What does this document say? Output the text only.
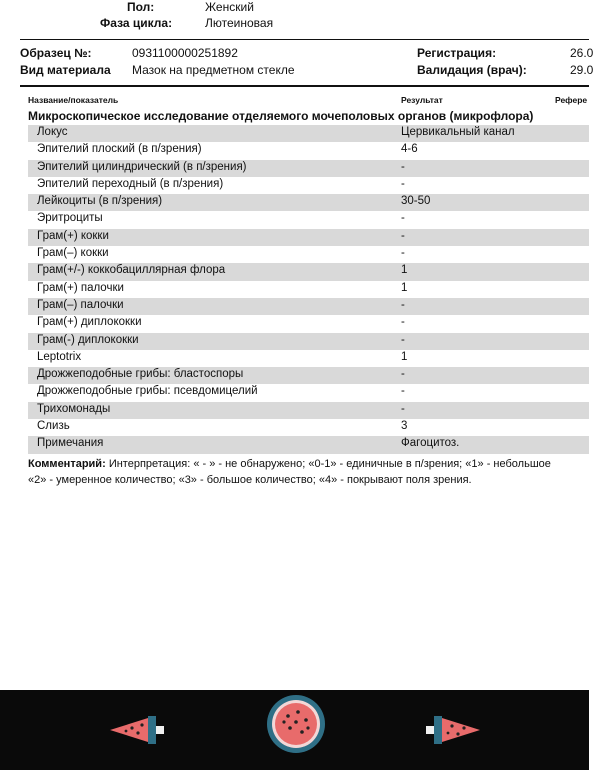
Пол:	Женский
Фаза цикла:	Лютеиновая
Образец №:	0931100000251892
Вид материала Мазок на предметном стекле
Регистрация:	26.0
Валидация (врач):	29.0
Название/показатель	Результат	Рефере
Микроскопическое исследование отделяемого мочеполовых органов (микрофлора)
Локус	Цервикальный канал
Эпителий плоский (в п/зрения)	4-6
Эпителий цилиндрический (в п/зрения)	-
Эпителий переходный (в п/зрения)	-
Лейкоциты (в п/зрения)	30-50
Эритроциты	-
Грам(+) кокки	-
Грам(–) кокки	-
Грам(+/-) коккобациллярная флора	1
Грам(+) палочки	1
Грам(–) палочки	-
Грам(+) диплококки	-
Грам(-) диплококки	-
Leptotrix	1
Дрожжеподобные грибы: бластоспоры	-
Дрожжеподобные грибы: псевдомицелий	-
Трихомонады	-
Слизь	3
Примечания	Фагоцитоз.
Комментарий: Интерпретация: « - » - не обнаружено; «0-1» - единичные в п/зрения; «1» - небольшое
«2» - умеренное количество; «3» - большое количество; «4» - покрывают поля зрения.
